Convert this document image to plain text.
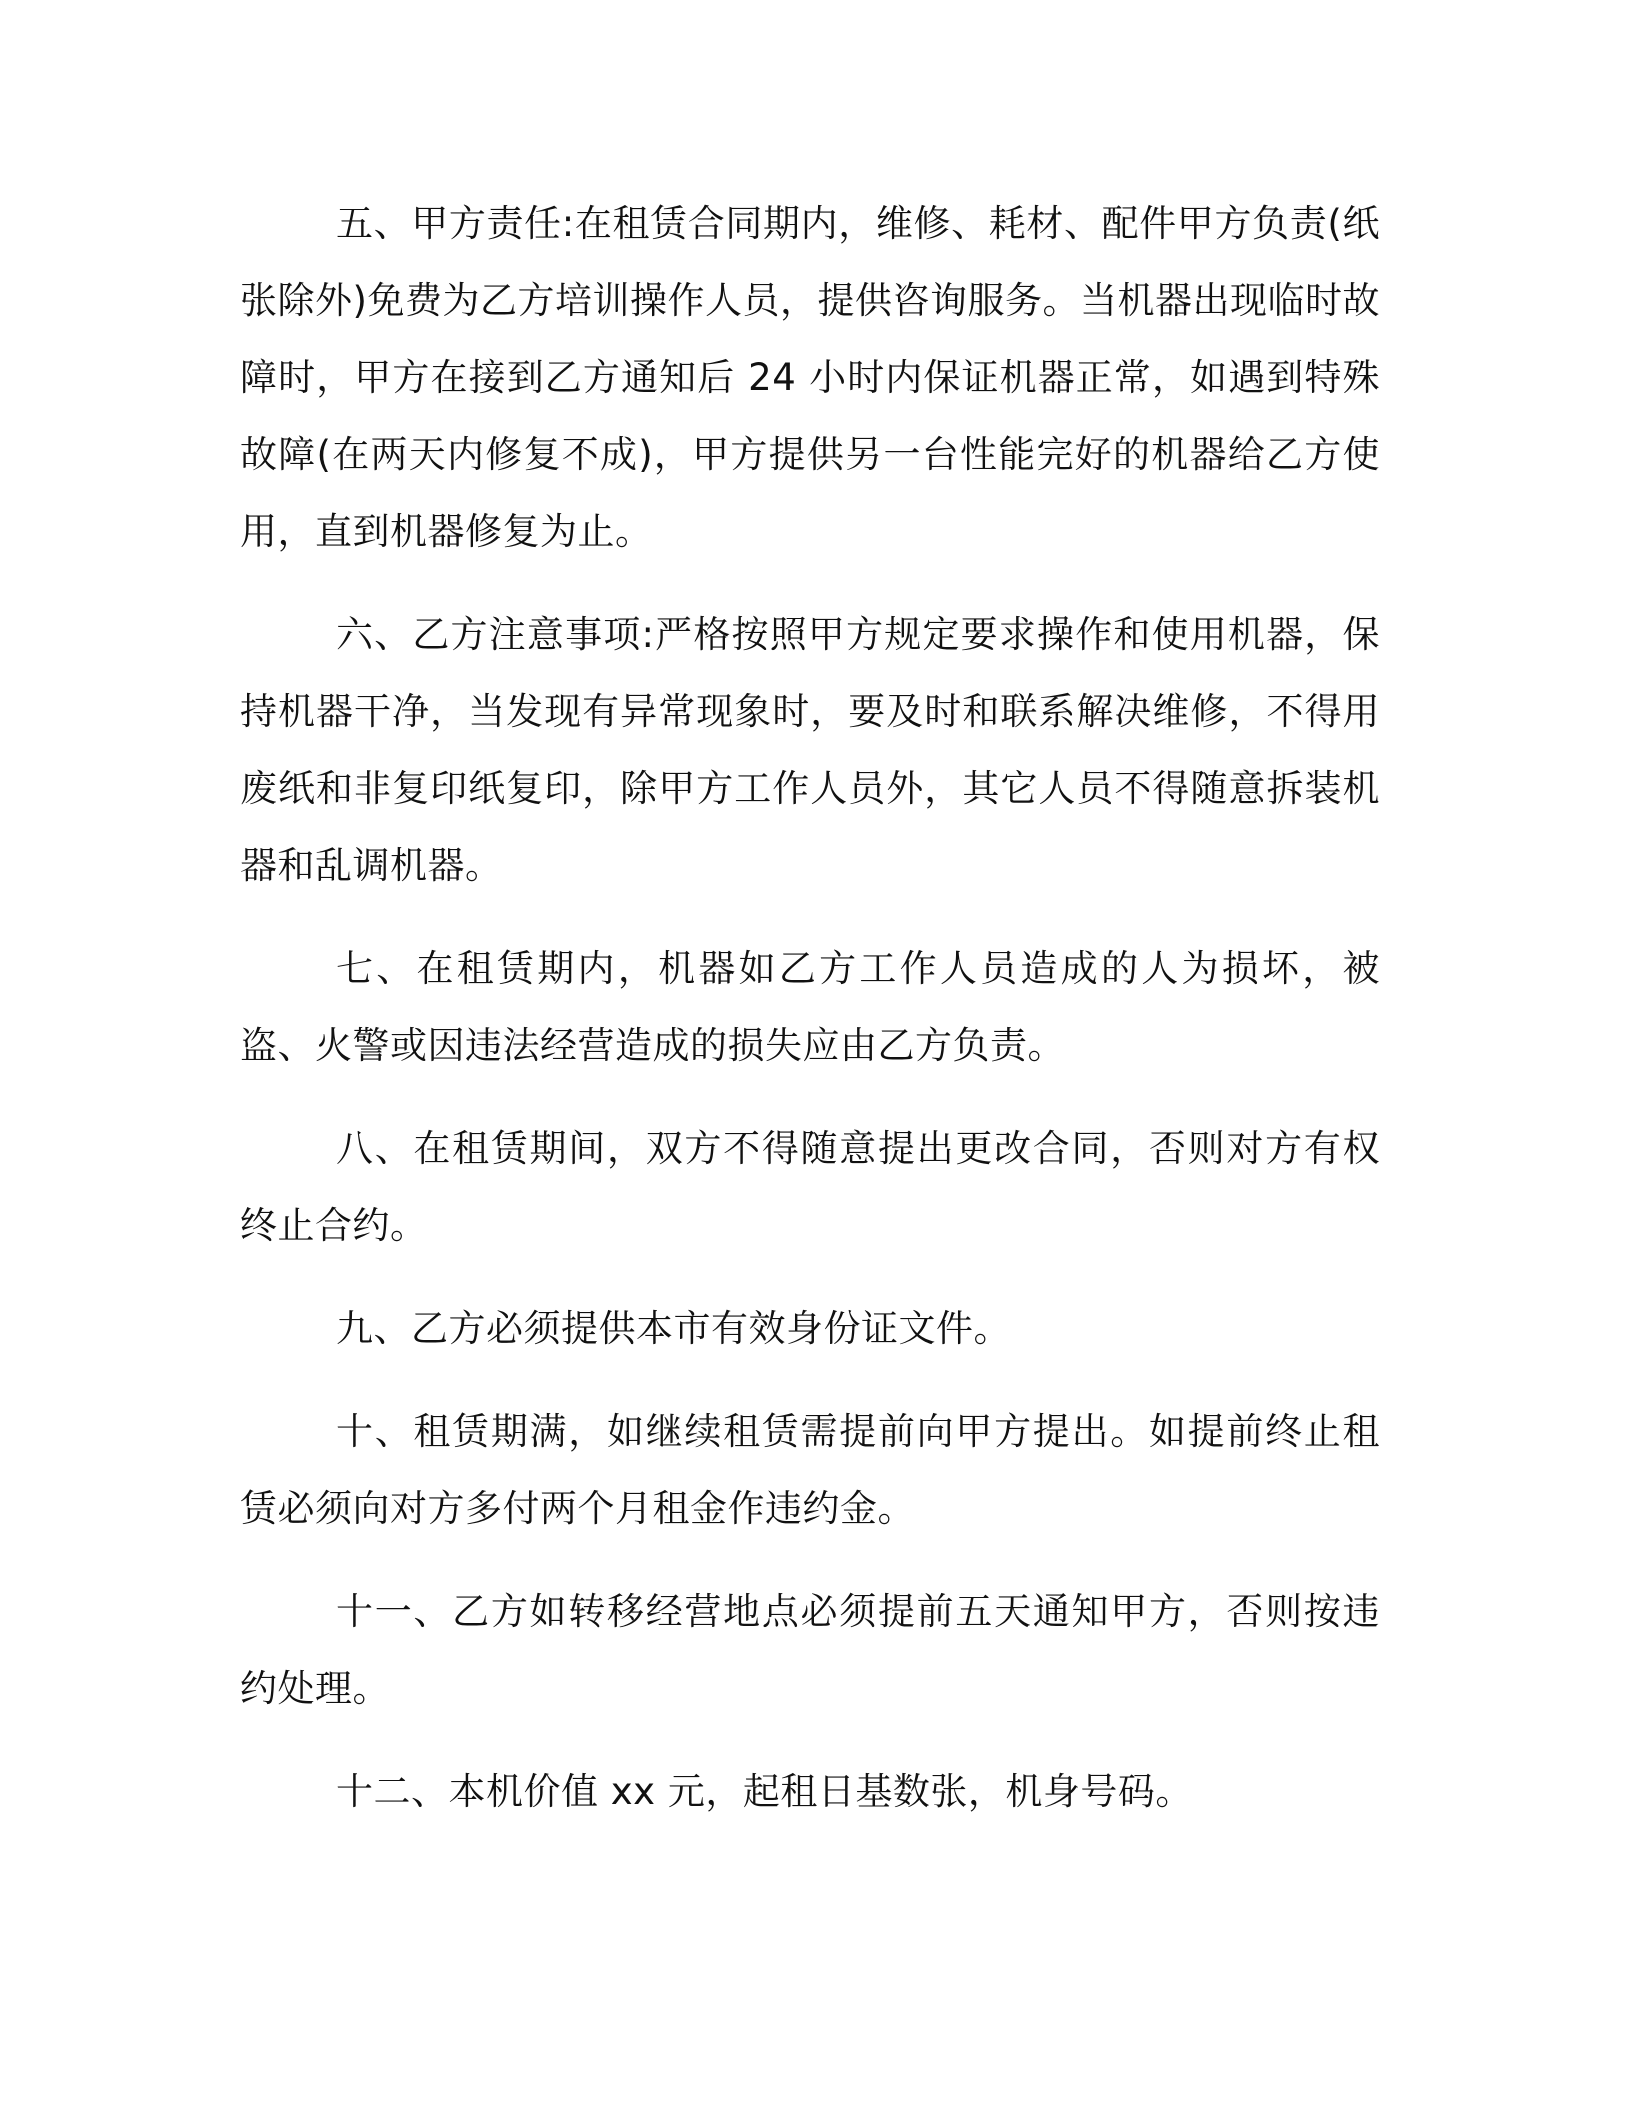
五、甲方责任:在租赁合同期内，维修、耗材、配件甲方负责(纸张除外)免费为乙方培训操作人员，提供咨询服务。当机器出现临时故障时，甲方在接到乙方通知后 24 小时内保证机器正常，如遇到特殊故障(在两天内修复不成)，甲方提供另一台性能完好的机器给乙方使用，直到机器修复为止。

六、乙方注意事项:严格按照甲方规定要求操作和使用机器，保持机器干净，当发现有异常现象时，要及时和联系解决维修，不得用废纸和非复印纸复印，除甲方工作人员外，其它人员不得随意拆装机器和乱调机器。

七、在租赁期内，机器如乙方工作人员造成的人为损坏，被盗、火警或因违法经营造成的损失应由乙方负责。

八、在租赁期间，双方不得随意提出更改合同，否则对方有权终止合约。

九、乙方必须提供本市有效身份证文件。

十、租赁期满，如继续租赁需提前向甲方提出。如提前终止租赁必须向对方多付两个月租金作违约金。

十一、乙方如转移经营地点必须提前五天通知甲方，否则按违约处理。

十二、本机价值 xx 元，起租日基数张，机身号码。
